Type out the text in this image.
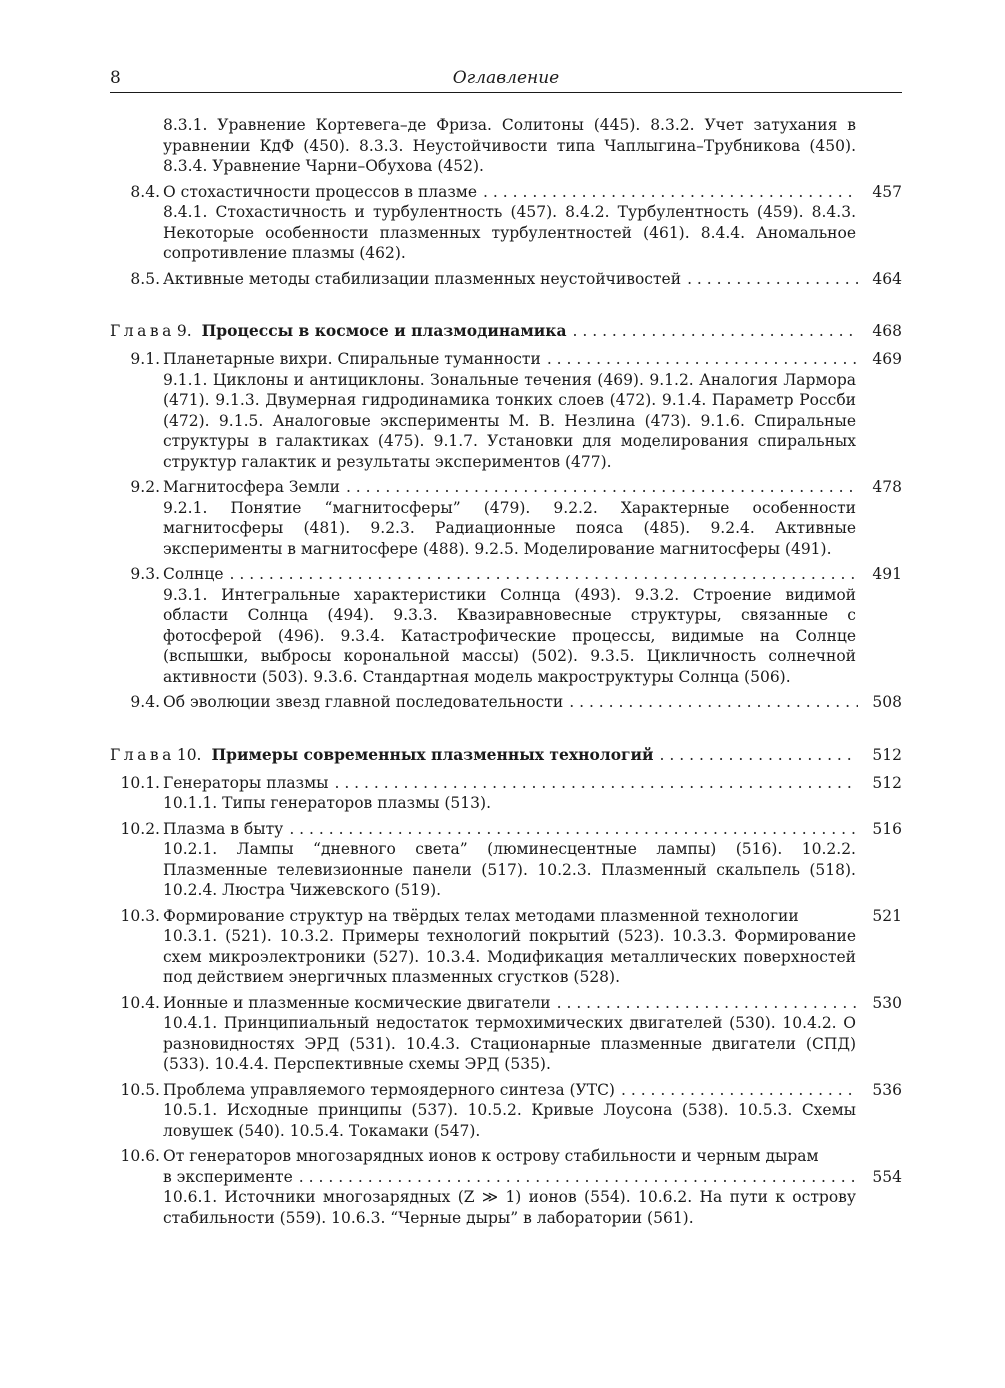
8	Оглавление
8.3.1. Уравнение Кортевега–де Фриза. Солитоны (445). 8.3.2. Учет затухания в уравнении КдФ (450). 8.3.3. Неустойчивости типа Чаплыгина–Трубникова (450). 8.3.4. Уравнение Чарни–Обухова (452).
8.4. О стохастичности процессов в плазме . . .	457
8.4.1. Стохастичность и турбулентность (457). 8.4.2. Турбулентность (459). 8.4.3. Некоторые особенности плазменных турбулентностей (461). 8.4.4. Аномальное сопротивление плазмы (462).
8.5. Активные методы стабилизации плазменных неустойчивостей . . .	464
Глава 9. Процессы в космосе и плазмодинамика . . .	468
9.1. Планетарные вихри. Спиральные туманности . . .	469
9.1.1. Циклоны и антициклоны. Зональные течения (469). 9.1.2. Аналогия Лармора (471). 9.1.3. Двумерная гидродинамика тонких слоев (472). 9.1.4. Параметр Россби (472). 9.1.5. Аналоговые эксперименты М. В. Незлина (473). 9.1.6. Спиральные структуры в галактиках (475). 9.1.7. Установки для моделирования спиральных структур галактик и результаты экспериментов (477).
9.2. Магнитосфера Земли . . .	478
9.2.1. Понятие “магнитосферы” (479). 9.2.2. Характерные особенности магнитосферы (481). 9.2.3. Радиационные пояса (485). 9.2.4. Активные эксперименты в магнитосфере (488). 9.2.5. Моделирование магнитосферы (491).
9.3. Солнце . . .	491
9.3.1. Интегральные характеристики Солнца (493). 9.3.2. Строение видимой области Солнца (494). 9.3.3. Квазиравновесные структуры, связанные с фотосферой (496). 9.3.4. Катастрофические процессы, видимые на Солнце (вспышки, выбросы корональной массы) (502). 9.3.5. Цикличность солнечной активности (503). 9.3.6. Стандартная модель макроструктуры Солнца (506).
9.4. Об эволюции звезд главной последовательности . . .	508
Глава 10. Примеры современных плазменных технологий . . .	512
10.1. Генераторы плазмы . . .	512
10.1.1. Типы генераторов плазмы (513).
10.2. Плазма в быту . . .	516
10.2.1. Лампы “дневного света” (люминесцентные лампы) (516). 10.2.2. Плазменные телевизионные панели (517). 10.2.3. Плазменный скальпель (518). 10.2.4. Люстра Чижевского (519).
10.3. Формирование структур на твёрдых телах методами плазменной технологии	521
10.3.1. (521). 10.3.2. Примеры технологий покрытий (523). 10.3.3. Формирование схем микроэлектроники (527). 10.3.4. Модификация металлических поверхностей под действием энергичных плазменных сгустков (528).
10.4. Ионные и плазменные космические двигатели . . .	530
10.4.1. Принципиальный недостаток термохимических двигателей (530). 10.4.2. О разновидностях ЭРД (531). 10.4.3. Стационарные плазменные двигатели (СПД) (533). 10.4.4. Перспективные схемы ЭРД (535).
10.5. Проблема управляемого термоядерного синтеза (УТС) . . .	536
10.5.1. Исходные принципы (537). 10.5.2. Кривые Лоусона (538). 10.5.3. Схемы ловушек (540). 10.5.4. Токамаки (547).
10.6. От генераторов многозарядных ионов к острову стабильности и черным дырам
в эксперименте . . .	554
10.6.1. Источники многозарядных (Z ≫ 1) ионов (554). 10.6.2. На пути к острову стабильности (559). 10.6.3. “Черные дыры” в лаборатории (561).
